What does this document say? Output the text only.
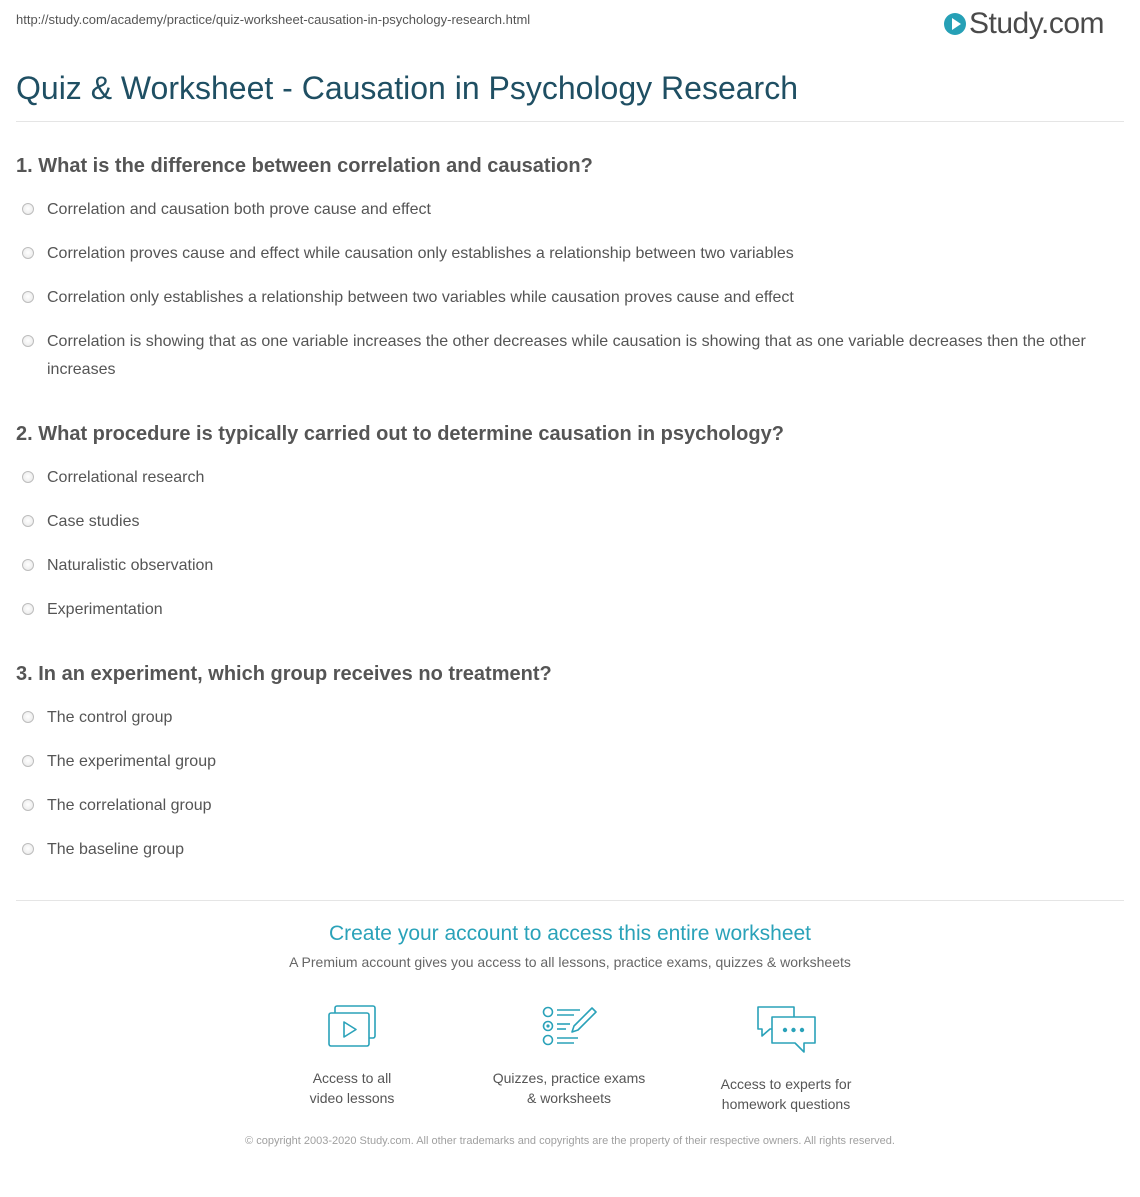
http://study.com/academy/practice/quiz-worksheet-causation-in-psychology-research.html	Study.com
Quiz & Worksheet - Causation in Psychology Research
1. What is the difference between correlation and causation?
Correlation and causation both prove cause and effect
Correlation proves cause and effect while causation only establishes a relationship between two variables
Correlation only establishes a relationship between two variables while causation proves cause and effect
Correlation is showing that as one variable increases the other decreases while causation is showing that as one variable decreases then the other increases
2. What procedure is typically carried out to determine causation in psychology?
Correlational research
Case studies
Naturalistic observation
Experimentation
3. In an experiment, which group receives no treatment?
The control group
The experimental group
The correlational group
The baseline group
Create your account to access this entire worksheet
A Premium account gives you access to all lessons, practice exams, quizzes & worksheets
Access to all
video lessons
Quizzes, practice exams
& worksheets
Access to experts for
homework questions
© copyright 2003-2020 Study.com. All other trademarks and copyrights are the property of their respective owners. All rights reserved.
